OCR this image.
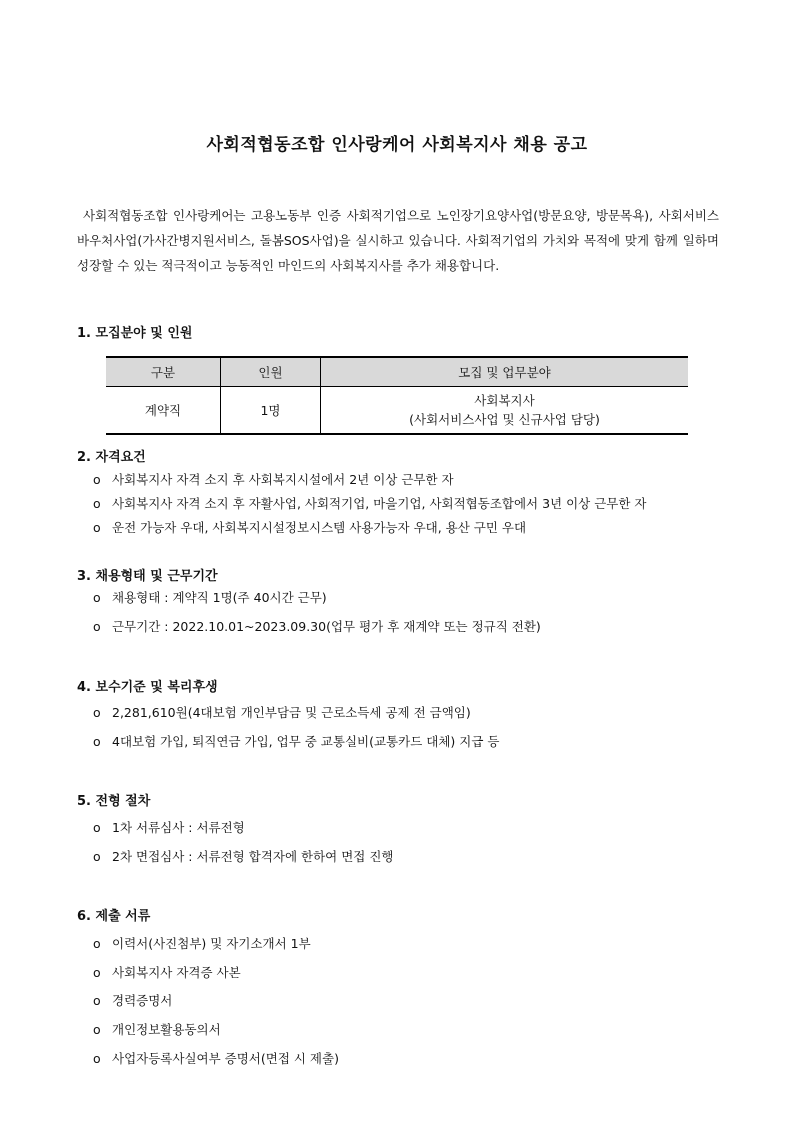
사회적협동조합 인사랑케어 사회복지사 채용 공고
사회적협동조합 인사랑케어는 고용노동부 인증 사회적기업으로 노인장기요양사업(방문요양, 방문목욕), 사회서비스바우처사업(가사간병지원서비스, 돌봄SOS사업)을 실시하고 있습니다. 사회적기업의 가치와 목적에 맞게 함께 일하며 성장할 수 있는 적극적이고 능동적인 마인드의 사회복지사를 추가 채용합니다.
1. 모집분야 및 인원
구분	인원	모집 및 업무분야
계약직	1명	사회복지사
(사회서비스사업 및 신규사업 담당)
2. 자격요건
o 사회복지사 자격 소지 후 사회복지시설에서 2년 이상 근무한 자
o 사회복지사 자격 소지 후 자활사업, 사회적기업, 마을기업, 사회적협동조합에서 3년 이상 근무한 자
o 운전 가능자 우대, 사회복지시설정보시스템 사용가능자 우대, 용산 구민 우대
3. 채용형태 및 근무기간
o 채용형태 : 계약직 1명(주 40시간 근무)
o 근무기간 : 2022.10.01~2023.09.30(업무 평가 후 재계약 또는 정규직 전환)
4. 보수기준 및 복리후생
o 2,281,610원(4대보험 개인부담금 및 근로소득세 공제 전 금액임)
o 4대보험 가입, 퇴직연금 가입, 업무 중 교통실비(교통카드 대체) 지급 등
5. 전형 절차
o 1차 서류심사 : 서류전형
o 2차 면접심사 : 서류전형 합격자에 한하여 면접 진행
6. 제출 서류
o 이력서(사진첨부) 및 자기소개서 1부
o 사회복지사 자격증 사본
o 경력증명서
o 개인정보활용동의서
o 사업자등록사실여부 증명서(면접 시 제출)
